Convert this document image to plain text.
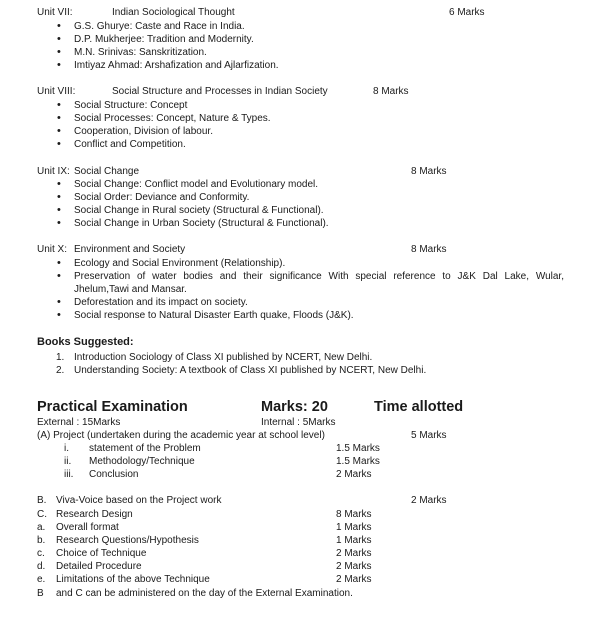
Unit VII:	Indian Sociological Thought	6 Marks
• G.S. Ghurye: Caste and Race in India.
• D.P. Mukherjee: Tradition and Modernity.
• M.N. Srinivas: Sanskritization.
• Imtiyaz Ahmad: Arshafization and Ajlarfization.
Unit VIII:	Social Structure and Processes in Indian Society	8 Marks
• Social Structure: Concept
• Social Processes: Concept, Nature & Types.
• Cooperation, Division of labour.
• Conflict and Competition.
Unit IX: Social Change	8 Marks
• Social Change: Conflict model and Evolutionary model.
• Social Order: Deviance and Conformity.
• Social Change in Rural society (Structural & Functional).
• Social Change in Urban Society (Structural & Functional).
Unit X: Environment and Society	8 Marks
• Ecology and Social Environment (Relationship).
• Preservation of water bodies and their significance With special reference to J&K Dal Lake, Wular,
Jhelum,Tawi and Mansar.
• Deforestation and its impact on society.
• Social response to Natural Disaster Earth quake, Floods (J&K).
Books Suggested:
1. Introduction Sociology of Class XI published by NCERT, New Delhi.
2. Understanding Society: A textbook of Class XI published by NCERT, New Delhi.
Practical Examination	Marks: 20	Time allotted
External : 15Marks	Internal : 5Marks
(A) Project (undertaken during the academic year at school level)	5 Marks
i. statement of the Problem	1.5 Marks
ii. Methodology/Technique	1.5 Marks
iii. Conclusion	2 Marks
B. Viva-Voice based on the Project work	2 Marks
C. Research Design	8 Marks
a. Overall format	1 Marks
b. Research Questions/Hypothesis	1 Marks
c. Choice of Technique	2 Marks
d. Detailed Procedure	2 Marks
e. Limitations of the above Technique	2 Marks
B and C can be administered on the day of the External Examination.
